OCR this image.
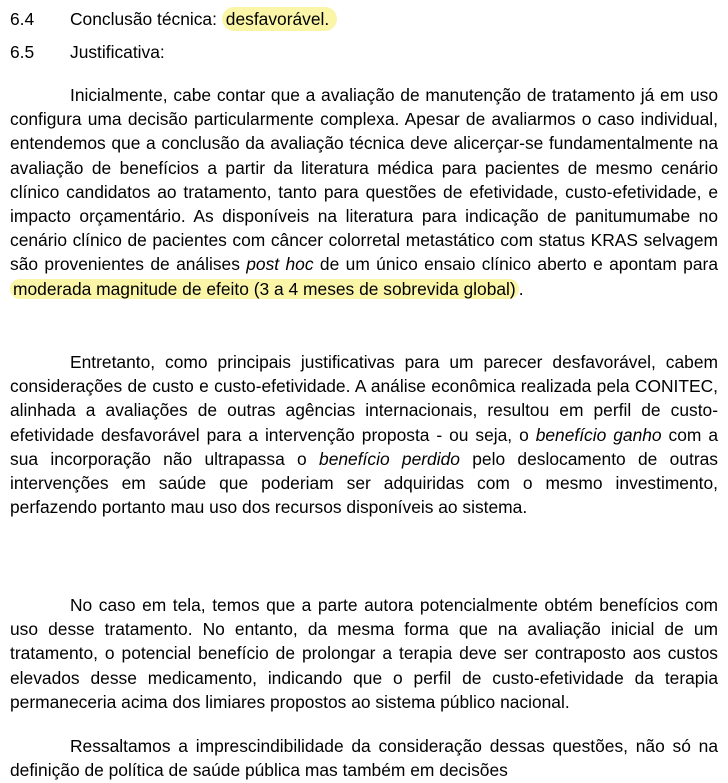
6.4	Conclusão técnica: desfavorável.
6.5	Justificativa:

Inicialmente, cabe contar que a avaliação de manutenção de tratamento já em uso configura uma decisão particularmente complexa. Apesar de avaliarmos o caso individual, entendemos que a conclusão da avaliação técnica deve alicerçar-se fundamentalmente na avaliação de benefícios a partir da literatura médica para pacientes de mesmo cenário clínico candidatos ao tratamento, tanto para questões de efetividade, custo-efetividade, e impacto orçamentário. As disponíveis na literatura para indicação de panitumumabe no cenário clínico de pacientes com câncer colorretal metastático com status KRAS selvagem são provenientes de análises post hoc de um único ensaio clínico aberto e apontam para moderada magnitude de efeito (3 a 4 meses de sobrevida global) .

Entretanto, como principais justificativas para um parecer desfavorável, cabem considerações de custo e custo-efetividade. A análise econômica realizada pela CONITEC, alinhada a avaliações de outras agências internacionais, resultou em perfil de custo-efetividade desfavorável para a intervenção proposta - ou seja, o benefício ganho com a sua incorporação não ultrapassa o benefício perdido pelo deslocamento de outras intervenções em saúde que poderiam ser adquiridas com o mesmo investimento, perfazendo portanto mau uso dos recursos disponíveis ao sistema.

No caso em tela, temos que a parte autora potencialmente obtém benefícios com uso desse tratamento. No entanto, da mesma forma que na avaliação inicial de um tratamento, o potencial benefício de prolongar a terapia deve ser contraposto aos custos elevados desse medicamento, indicando que o perfil de custo-efetividade da terapia permaneceria acima dos limiares propostos ao sistema público nacional.

Ressaltamos a imprescindibilidade da consideração dessas questões, não só na definição de política de saúde pública mas também em decisões
